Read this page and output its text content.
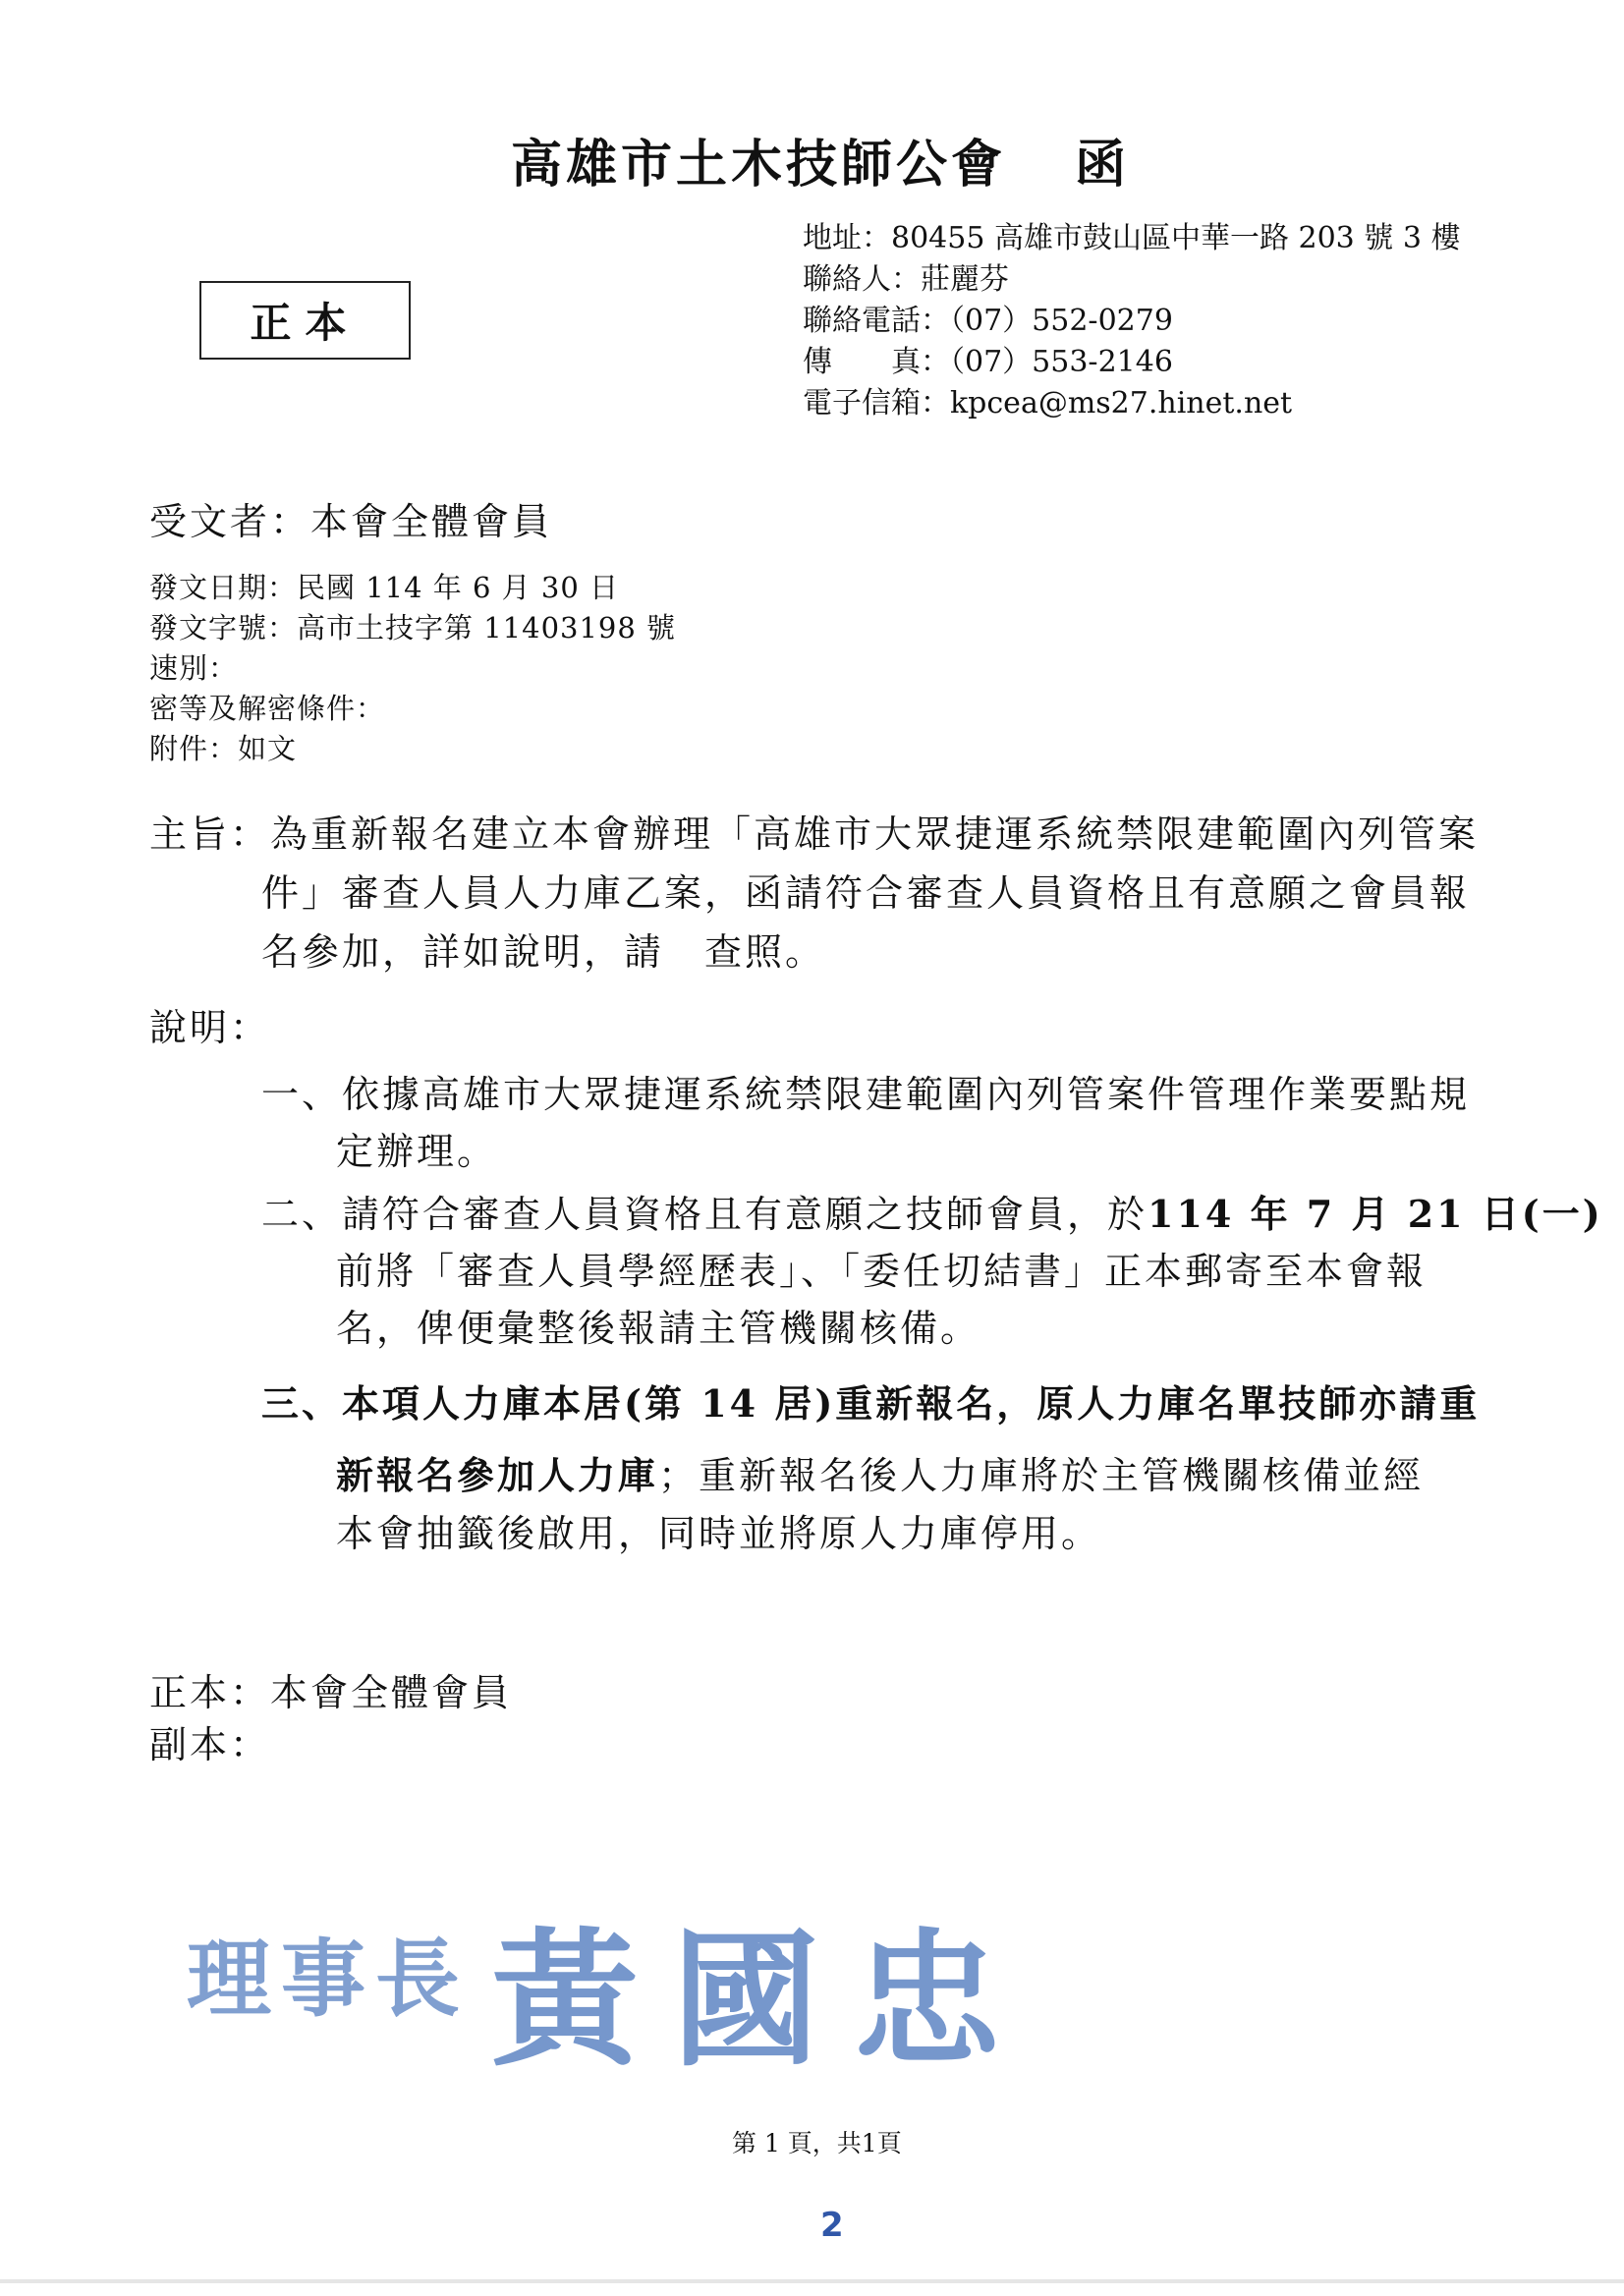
高雄市土木技師公會 函
地址：80455 高雄市鼓山區中華一路 203 號 3 樓
聯絡人：莊麗芬
聯絡電話：（07）552-0279
傳　　真：（07）553-2146
電子信箱：kpcea@ms27.hinet.net
正本
受文者：本會全體會員
發文日期：民國 114 年 6 月 30 日
發文字號：高市土技字第 11403198 號
速別：
密等及解密條件：
附件：如文
主旨：為重新報名建立本會辦理「高雄市大眾捷運系統禁限建範圍內列管案
件」審查人員人力庫乙案，函請符合審查人員資格且有意願之會員報
名參加，詳如說明，請　查照。
說明：
一、依據高雄市大眾捷運系統禁限建範圍內列管案件管理作業要點規
定辦理。
二、請符合審查人員資格且有意願之技師會員，於114 年 7 月 21 日(一)
前將「審查人員學經歷表」、「委任切結書」正本郵寄至本會報
名，俾便彙整後報請主管機關核備。
三、本項人力庫本居(第 14 居)重新報名，原人力庫名單技師亦請重
新報名參加人力庫；重新報名後人力庫將於主管機關核備並經
本會抽籤後啟用，同時並將原人力庫停用。
正本：本會全體會員
副本：
理事長 黃國忠
第 1 頁，共1頁
2
